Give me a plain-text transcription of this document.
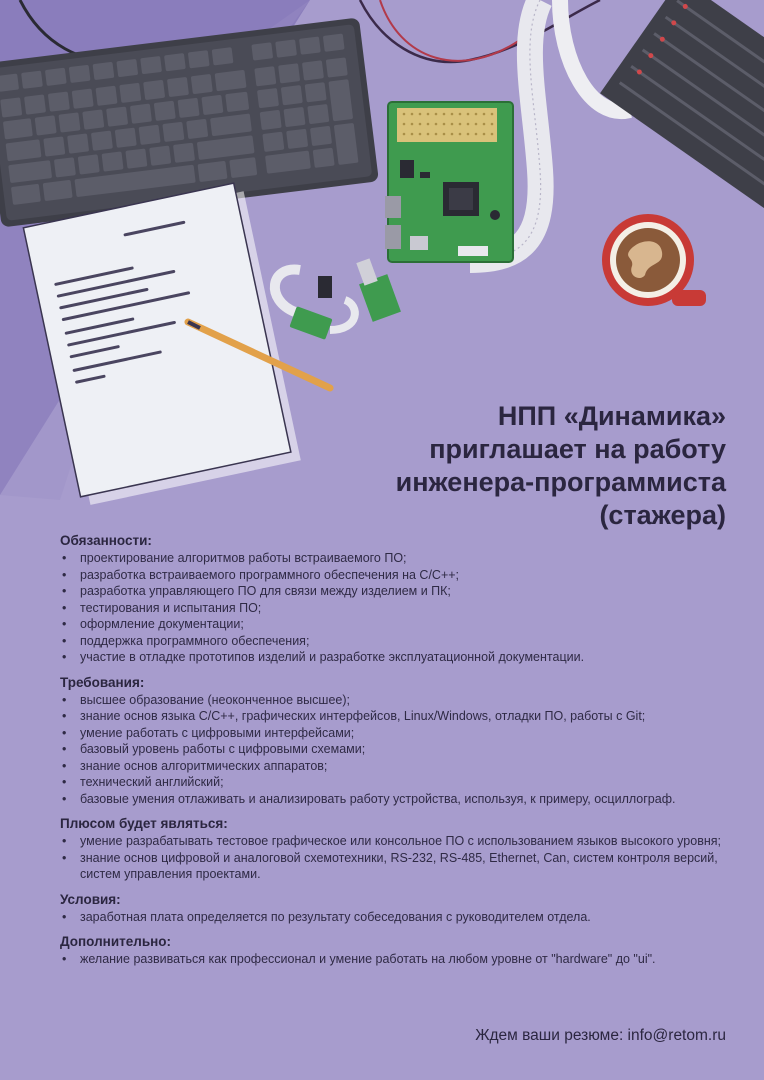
НПП «Динамика»
приглашает на работу
инженера-программиста
(стажера)
Обязанности:
• проектирование алгоритмов работы встраиваемого ПО;
• разработка встраиваемого программного обеспечения на C/C++;
• разработка управляющего ПО для связи между изделием и ПК;
• тестирования и испытания ПО;
• оформление документации;
• поддержка программного обеспечения;
• участие в отладке прототипов изделий и разработке эксплуатационной документации.
Требования:
• высшее образование (неоконченное высшее);
• знание основ языка C/C++, графических интерфейсов, Linux/Windows, отладки ПО, работы с Git;
• умение работать с цифровыми интерфейсами;
• базовый уровень работы с цифровыми схемами;
• знание основ алгоритмических аппаратов;
• технический английский;
• базовые умения отлаживать и анализировать работу устройства, используя, к примеру, осциллограф.
Плюсом будет являться:
• умение разрабатывать тестовое графическое или консольное ПО с использованием языков высокого уровня;
• знание основ цифровой и аналоговой схемотехники, RS-232, RS-485, Ethernet, Can, систем контроля версий, систем управления проектами.
Условия:
• заработная плата определяется по результату собеседования с руководителем отдела.
Дополнительно:
• желание развиваться как профессионал и умение работать на любом уровне от "hardware" до "ui".
Ждем ваши резюме: info@retom.ru
